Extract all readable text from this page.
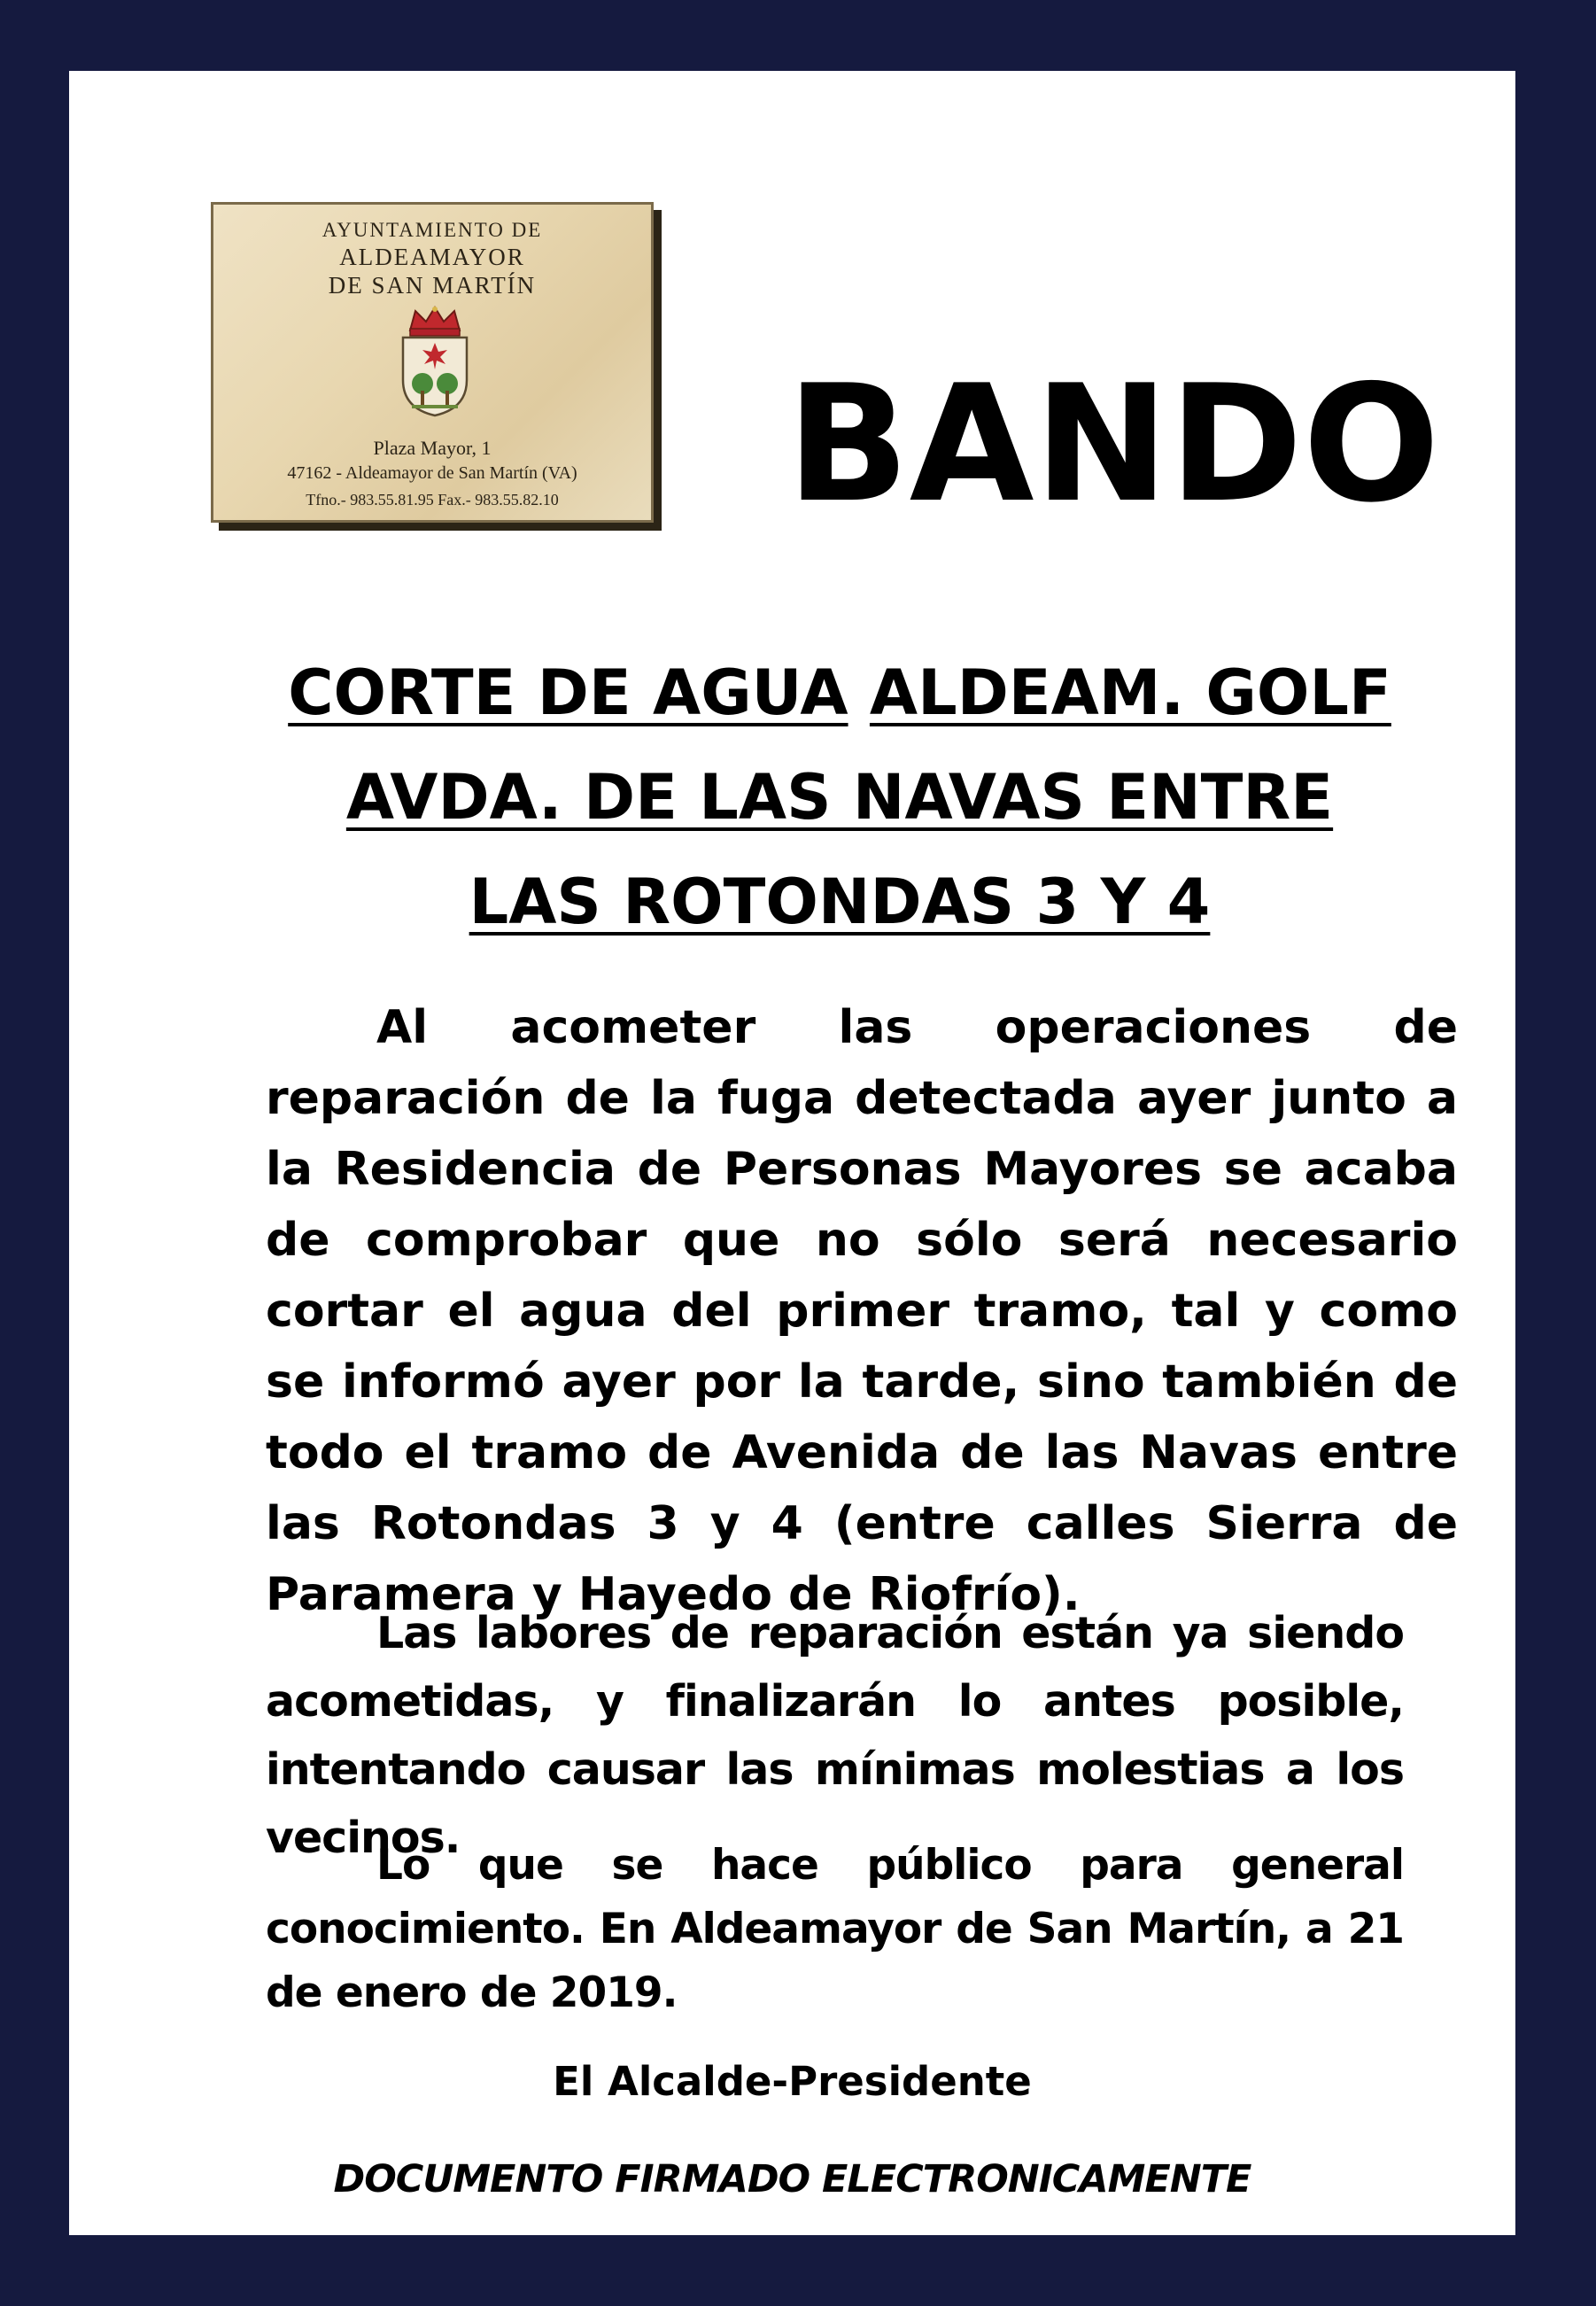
AYUNTAMIENTO DE
ALDEAMAYOR
DE SAN MARTÍN
Plaza Mayor, 1
47162 - Aldeamayor de San Martín (VA)
Tfno.- 983.55.81.95 Fax.- 983.55.82.10	BANDO
CORTE DE AGUA ALDEAM. GOLF
AVDA. DE LAS NAVAS ENTRE
LAS ROTONDAS 3 Y 4

Al acometer las operaciones de reparación de la fuga detectada ayer junto a la Residencia de Personas Mayores se acaba de comprobar que no sólo será necesario cortar el agua del primer tramo, tal y como se informó ayer por la tarde, sino también de todo el tramo de Avenida de las Navas entre las Rotondas 3 y 4 (entre calles Sierra de Paramera y Hayedo de Riofrío).

Las labores de reparación están ya siendo acometidas, y finalizarán lo antes posible, intentando causar las mínimas molestias a los vecinos.

Lo que se hace público para general conocimiento. En Aldeamayor de San Martín, a 21 de enero de 2019.

El Alcalde-Presidente
DOCUMENTO FIRMADO ELECTRONICAMENTE
